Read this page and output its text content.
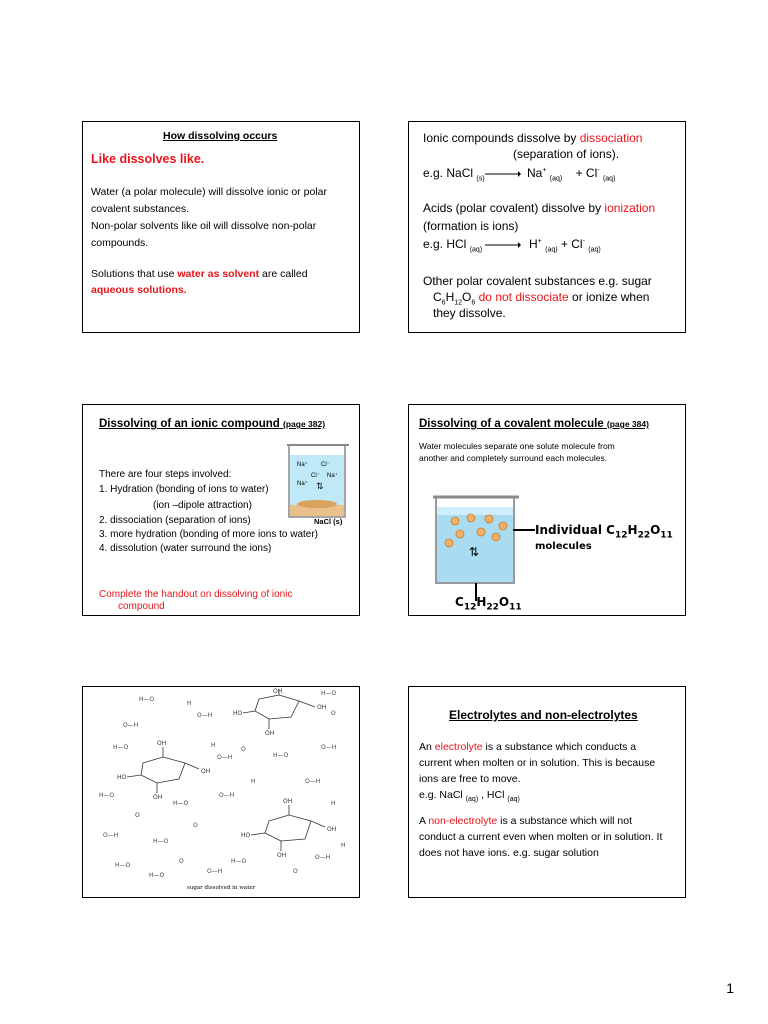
How dissolving occurs
Like dissolves like.
Water (a polar molecule) will dissolve ionic or polar covalent substances.
Non-polar solvents like oil will dissolve non-polar compounds.
Solutions that use water as solvent are called
aqueous solutions.
Ionic compounds dissolve by dissociation
(separation of ions).
e.g. NaCl $_{(s)}$ → Na+ $_{(aq)}$ + Cl- $_{(aq)}$
Acids (polar covalent) dissolve by ionization
(formation is ions)
e.g. HCl $_{(aq)}$ → H+ $_{(aq)}$ + Cl- $_{(aq)}$
Other polar covalent substances e.g. sugar
$C_6H_{12}O_6$ do not dissociate or ionize when
they dissolve.
Dissolving of an ionic compound (page 382)
Na⁺ Cl⁻
Cl⁻ Na⁺
Na⁺ ⇅
NaCl (s)
There are four steps involved:
1. Hydration (bonding of ions to water)
(ion –dipole attraction)
2. dissociation (separation of ions)
3. more hydration (bonding of more ions to water)
4. dissolution (water surround the ions)
Complete the handout on dissolving of ionic
compound
Dissolving of a covalent molecule (page 384)
Water molecules separate one solute molecule from
another and completely surround each molecules.
⇅
Individual $C_{12}H_{22}O_{11}$
molecules
$C_{12}H_{22}O_{11}$
OH
OH
HO
OH
OH
OH
HO
OH
OH
OH
HO
OH
H—O
H
O—H
H—O
O
O—H
H—O	H
O—H
O
H—O
O—H
H—O
O
H—O
O—H
H	O—H
H
O—H
H—O
O
H—O
O—H
H—O
O
O—H
H
O
H—O
sugar dissolved in water
Electrolytes and non-electrolytes
An electrolyte is a substance which conducts a
current when molten or in solution. This is because
ions are free to move.
e.g. NaCl $_{(aq)}$ , HCl $_{(aq)}$
A non-electrolyte is a substance which will not
conduct a current even when molten or in solution. It
does not have ions. e.g. sugar solution
1
